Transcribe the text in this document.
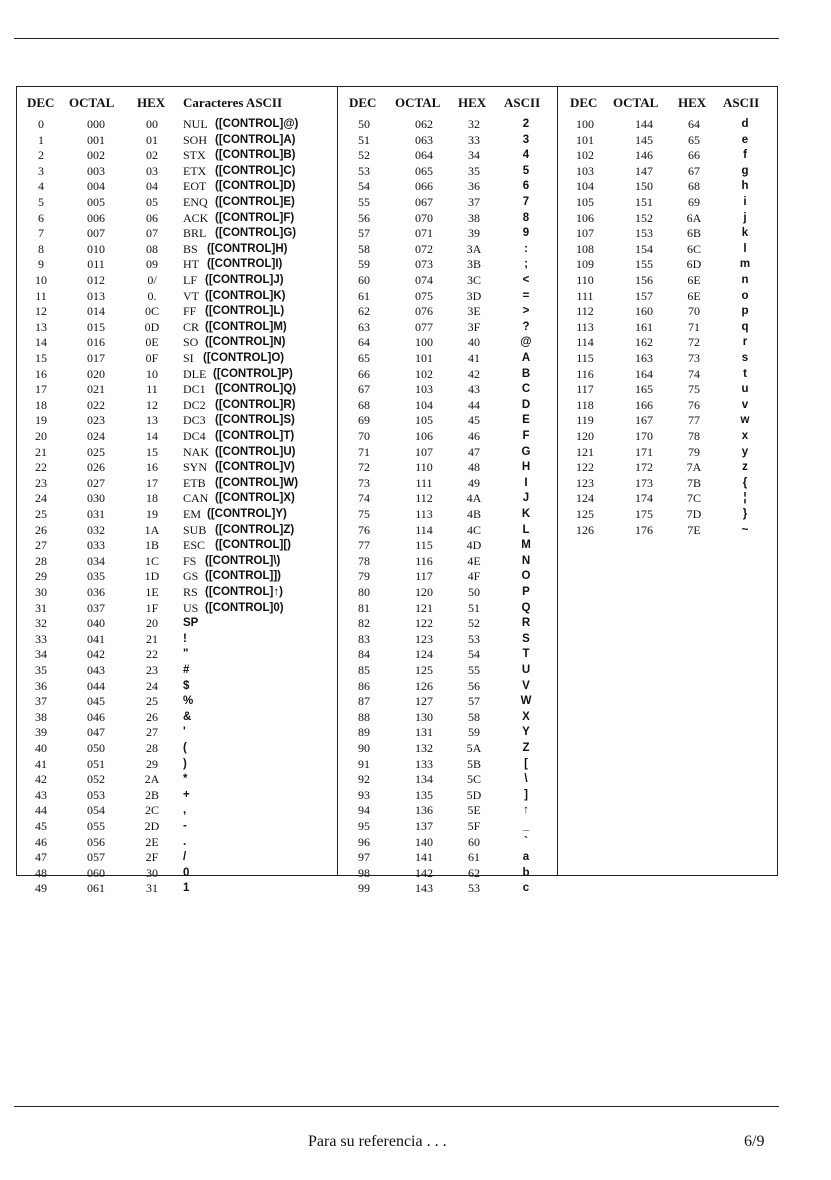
DEC OCTAL HEX Caracteres ASCII	DEC OCTAL HEX ASCII DEC OCTAL HEX ASCII
0	000	00	NUL ([CONTROL]@)
1	001	01	SOH ([CONTROL]A)
2	002	02	STX ([CONTROL]B)
3	003	03	ETX ([CONTROL]C)
4	004	04	EOT ([CONTROL]D)
5	005	05	ENQ ([CONTROL]E)
6	006	06	ACK ([CONTROL]F)
7	007	07	BRL ([CONTROL]G)
8	010	08	BS ([CONTROL]H)
9	011	09	HT ([CONTROL]I)
10	012	0/	LF ([CONTROL]J)
11	013	0.	VT ([CONTROL]K)
12	014	0C	FF ([CONTROL]L)
13	015	0D	CR ([CONTROL]M)
14	016	0E	SO ([CONTROL]N)
15	017	0F	SI ([CONTROL]O)
16	020	10	DLE ([CONTROL]P)
17	021	11	DC1 ([CONTROL]Q)
18	022	12	DC2 ([CONTROL]R)
19	023	13	DC3 ([CONTROL]S)
20	024	14	DC4 ([CONTROL]T)
21	025	15	NAK ([CONTROL]U)
22	026	16	SYN ([CONTROL]V)
23	027	17	ETB ([CONTROL]W)
24	030	18	CAN ([CONTROL]X)
25	031	19	EM ([CONTROL]Y)
26	032	1A	SUB ([CONTROL]Z)
27	033	1B	ESC ([CONTROL][)
28	034	1C	FS ([CONTROL]\)
29	035	1D	GS ([CONTROL]])
30	036	1E	RS ([CONTROL]↑)
31	037	1F	US ([CONTROL]0)
32	040	20	SP
33	041	21	!
34	042	22	"
35	043	23	#
36	044	24	$
37	045	25	%
38	046	26	&
39	047	27	'
40	050	28	(
41	051	29	)
42	052	2A	*
43	053	2B	+
44	054	2C	,
45	055	2D	-
46	056	2E	.
47	057	2F	/
48	060	30	0
49	061	31	1
50	062	32	2
51	063	33	3
52	064	34	4
53	065	35	5
54	066	36	6
55	067	37	7
56	070	38	8
57	071	39	9
58	072	3A	:
59	073	3B	;
60	074	3C	<
61	075	3D	=
62	076	3E	>
63	077	3F	?
64	100	40	@
65	101	41	A
66	102	42	B
67	103	43	C
68	104	44	D
69	105	45	E
70	106	46	F
71	107	47	G
72	110	48	H
73	111	49	I
74	112	4A	J
75	113	4B	K
76	114	4C	L
77	115	4D	M
78	116	4E	N
79	117	4F	O
80	120	50	P
81	121	51	Q
82	122	52	R
83	123	53	S
84	124	54	T
85	125	55	U
86	126	56	V
87	127	57	W
88	130	58	X
89	131	59	Y
90	132	5A	Z
91	133	5B	[
92	134	5C	\
93	135	5D	]
94	136	5E	↑
95	137	5F	_
96	140	60	`
97	141	61	a
98	142	62	b
99	143	53	c
100	144	64	d
101	145	65	e
102	146	66	f
103	147	67	g
104	150	68	h
105	151	69	i
106	152	6A	j
107	153	6B	k
108	154	6C	l
109	155	6D	m
110	156	6E	n
111	157	6E	o
112	160	70	p
113	161	71	q
114	162	72	r
115	163	73	s
116	164	74	t
117	165	75	u
118	166	76	v
119	167	77	w
120	170	78	x
121	171	79	y
122	172	7A	z
123	173	7B	{
124	174	7C	¦
125	175	7D	}
126	176	7E	~
Para su referencia . . .	6/9
